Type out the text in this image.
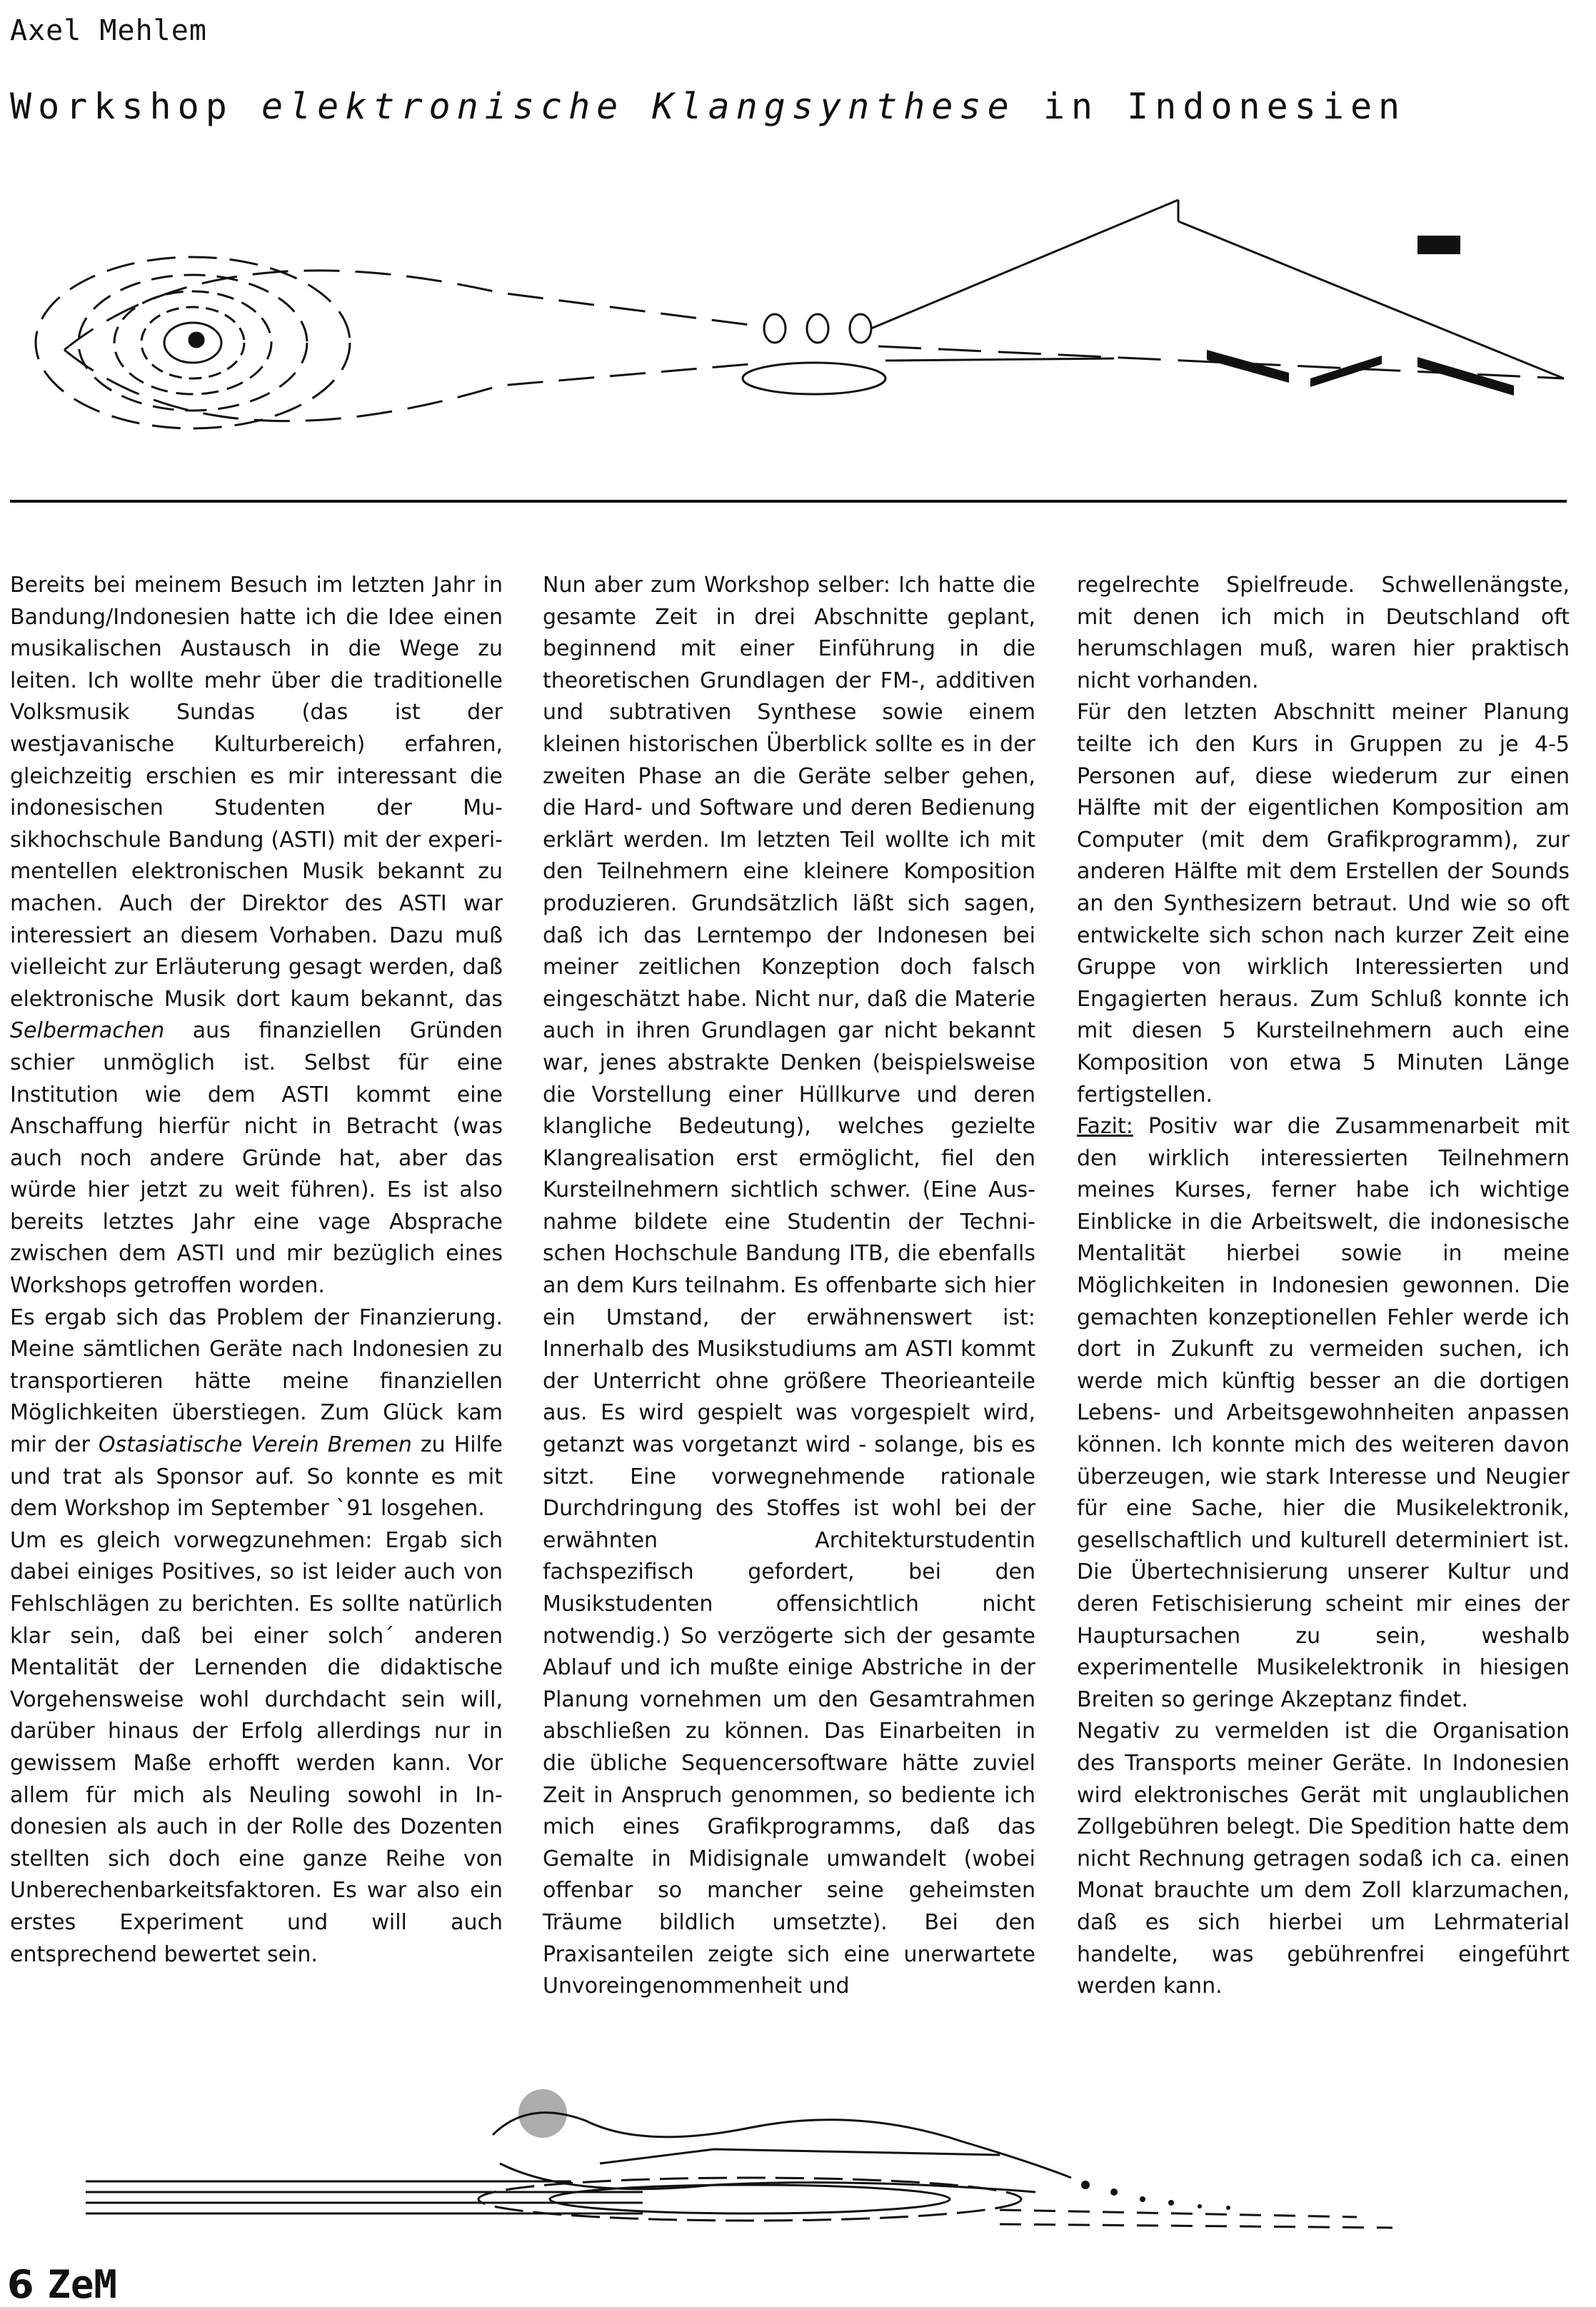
Axel Mehlem
Workshop elektronische Klangsynthese in Indonesien

Bereits bei meinem Besuch im letzten Jahr in Bandung/Indonesien hatte ich die Idee einen musikalischen Austausch in die Wege zu leiten. Ich wollte mehr über die traditionelle Volksmusik Sundas (das ist der westjavanische Kulturbereich) erfahren, gleichzeitig erschien es mir interessant die indonesischen Studenten der Musikhochschule Bandung (ASTI) mit der experimentellen elektronischen Musik bekannt zu machen. Auch der Direktor des ASTI war interessiert an diesem Vorhaben. Dazu muß vielleicht zur Erläuterung gesagt werden, daß elektronische Musik dort kaum bekannt, das Selbermachen aus finanziellen Gründen schier unmöglich ist. Selbst für eine Institution wie dem ASTI kommt eine Anschaffung hierfür nicht in Betracht (was auch noch andere Gründe hat, aber das würde hier jetzt zu weit führen). Es ist also bereits letztes Jahr eine vage Absprache zwischen dem ASTI und mir bezüglich eines Workshops getroffen worden.

Es ergab sich das Problem der Finanzierung. Meine sämtlichen Geräte nach Indonesien zu transportieren hätte meine finanziellen Möglichkeiten überstiegen. Zum Glück kam mir der Ostasiatische Verein Bremen zu Hilfe und trat als Sponsor auf. So konnte es mit dem Workshop im September `91 losgehen.

Um es gleich vorwegzunehmen: Ergab sich dabei einiges Positives, so ist leider auch von Fehlschlägen zu berichten. Es sollte natürlich klar sein, daß bei einer solch´ anderen Mentalität der Lernenden die didaktische Vorgehensweise wohl durchdacht sein will, darüber hinaus der Erfolg allerdings nur in gewissem Maße erhofft werden kann. Vor allem für mich als Neuling sowohl in Indonesien als auch in der Rolle des Dozenten stellten sich doch eine ganze Reihe von Unberechenbarkeitsfaktoren. Es war also ein erstes Experiment und will auch entsprechend bewertet sein.

Nun aber zum Workshop selber: Ich hatte die gesamte Zeit in drei Abschnitte geplant, beginnend mit einer Einführung in die theoretischen Grundlagen der FM-, additiven und subtrativen Synthese sowie einem kleinen historischen Überblick sollte es in der zweiten Phase an die Geräte selber gehen, die Hard- und Software und deren Bedienung erklärt werden. Im letzten Teil wollte ich mit den Teilnehmern eine kleinere Komposition produzieren. Grundsätzlich läßt sich sagen, daß ich das Lerntempo der Indonesen bei meiner zeitlichen Konzeption doch falsch eingeschätzt habe. Nicht nur, daß die Materie auch in ihren Grundlagen gar nicht bekannt war, jenes abstrakte Denken (beispielsweise die Vorstellung einer Hüllkurve und deren klangliche Bedeutung), welches gezielte Klangrealisation erst ermöglicht, fiel den Kursteilnehmern sichtlich schwer. (Eine Ausnahme bildete eine Studentin der Technischen Hochschule Bandung ITB, die ebenfalls an dem Kurs teilnahm. Es offenbarte sich hier ein Umstand, der erwähnenswert ist: Innerhalb des Musikstudiums am ASTI kommt der Unterricht ohne größere Theorieanteile aus. Es wird gespielt was vorgespielt wird, getanzt was vorgetanzt wird - solange, bis es sitzt. Eine vorwegnehmende rationale Durchdringung des Stoffes ist wohl bei der erwähnten Architekturstudentin fachspezifisch gefordert, bei den Musikstudenten offensichtlich nicht notwendig.) So verzögerte sich der gesamte Ablauf und ich mußte einige Abstriche in der Planung vornehmen um den Gesamtrahmen abschließen zu können. Das Einarbeiten in die übliche Sequencersoftware hätte zuviel Zeit in Anspruch genommen, so bediente ich mich eines Grafikprogramms, daß das Gemalte in Midisignale umwandelt (wobei offenbar so mancher seine geheimsten Träume bildlich umsetzte). Bei den Praxisanteilen zeigte sich eine unerwartete Unvoreingenommenheit und

regelrechte Spielfreude. Schwellenängste, mit denen ich mich in Deutschland oft herumschlagen muß, waren hier praktisch nicht vorhanden.

Für den letzten Abschnitt meiner Planung teilte ich den Kurs in Gruppen zu je 4-5 Personen auf, diese wiederum zur einen Hälfte mit der eigentlichen Komposition am Computer (mit dem Grafikprogramm), zur anderen Hälfte mit dem Erstellen der Sounds an den Synthesizern betraut. Und wie so oft entwickelte sich schon nach kurzer Zeit eine Gruppe von wirklich Interessierten und Engagierten heraus. Zum Schluß konnte ich mit diesen 5 Kursteilnehmern auch eine Komposition von etwa 5 Minuten Länge fertigstellen.

Fazit: Positiv war die Zusammenarbeit mit den wirklich interessierten Teilnehmern meines Kurses, ferner habe ich wichtige Einblicke in die Arbeitswelt, die indonesische Mentalität hierbei sowie in meine Möglichkeiten in Indonesien gewonnen. Die gemachten konzeptionellen Fehler werde ich dort in Zukunft zu vermeiden suchen, ich werde mich künftig besser an die dortigen Lebens- und Arbeitsgewohnheiten anpassen können. Ich konnte mich des weiteren davon überzeugen, wie stark Interesse und Neugier für eine Sache, hier die Musikelektronik, gesellschaftlich und kulturell determiniert ist. Die Übertechnisierung unserer Kultur und deren Fetischisierung scheint mir eines der Hauptursachen zu sein, weshalb experimentelle Musikelektronik in hiesigen Breiten so geringe Akzeptanz findet.

Negativ zu vermelden ist die Organisation des Transports meiner Geräte. In Indonesien wird elektronisches Gerät mit unglaublichen Zollgebühren belegt. Die Spedition hatte dem nicht Rechnung getragen sodaß ich ca. einen Monat brauchte um dem Zoll klarzumachen, daß es sich hierbei um Lehrmaterial handelte, was gebührenfrei eingeführt werden kann.

6 ZeM
